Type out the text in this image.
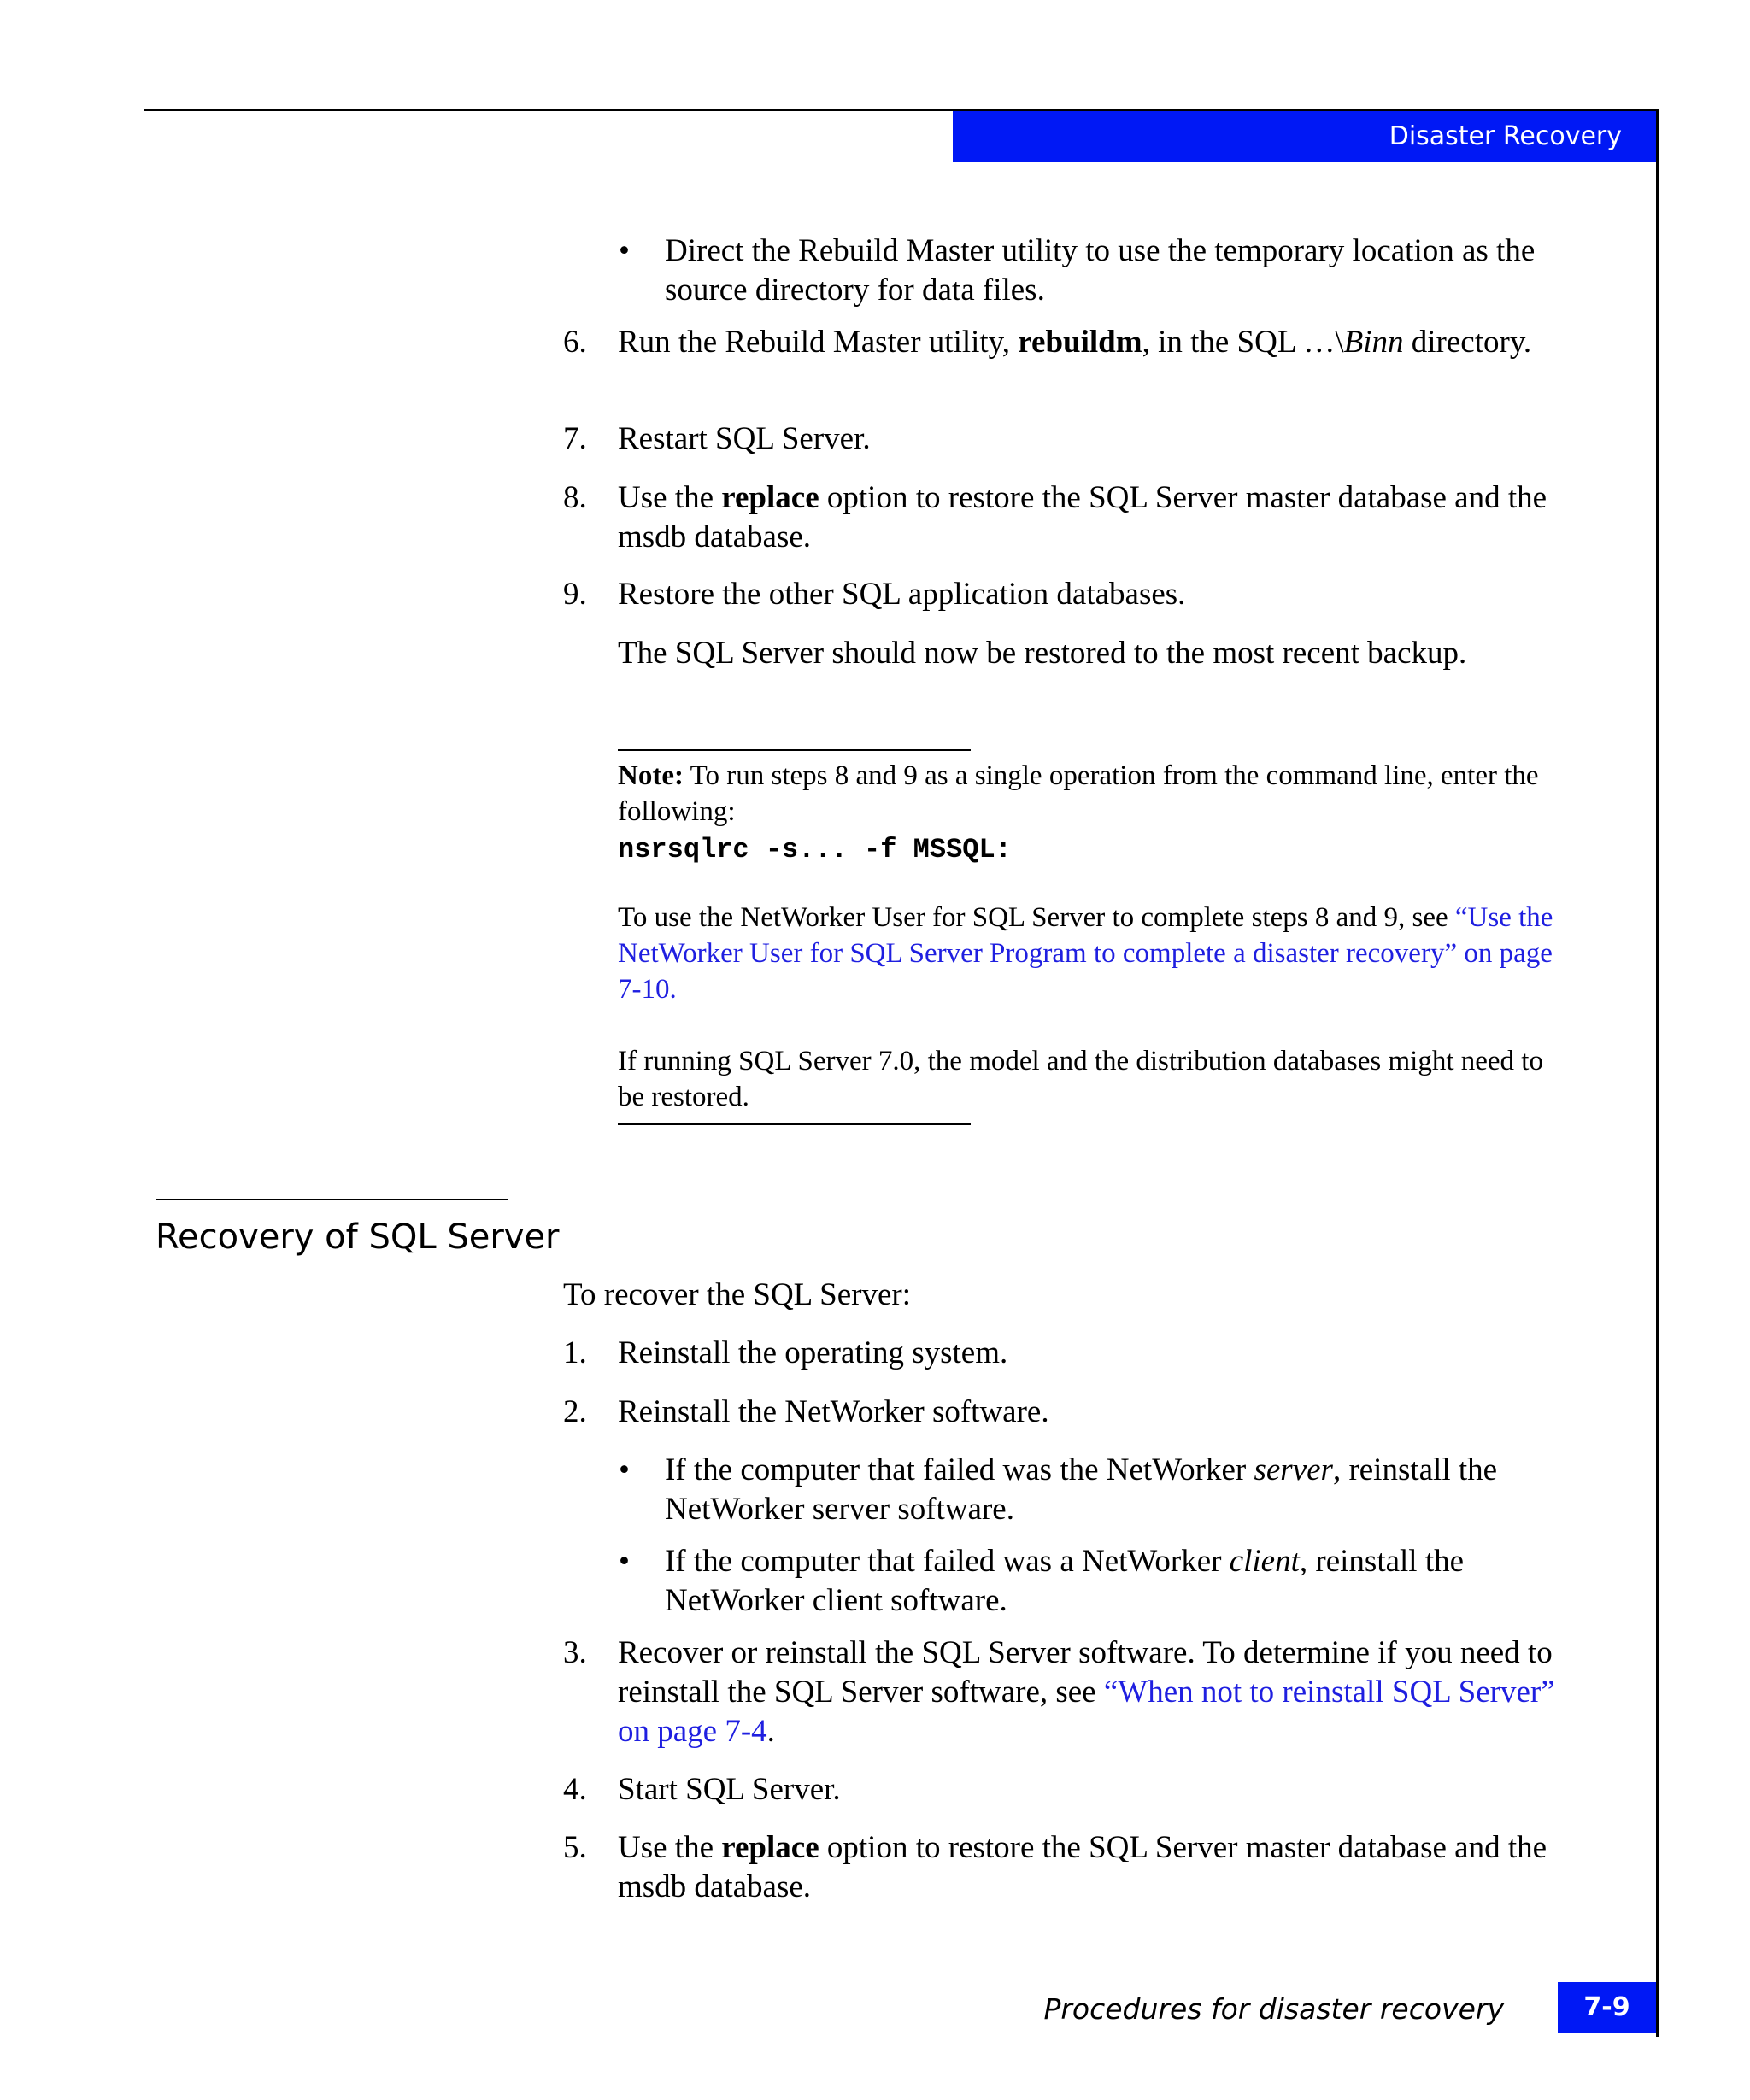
Disaster Recovery
• Direct the Rebuild Master utility to use the temporary location as the source directory for data files.
6. Run the Rebuild Master utility, rebuildm, in the SQL …\Binn directory.
7. Restart SQL Server.
8. Use the replace option to restore the SQL Server master database and the msdb database.
9. Restore the other SQL application databases.
The SQL Server should now be restored to the most recent backup.
Note: To run steps 8 and 9 as a single operation from the command line, enter the following:
nsrsqlrc -s... -f MSSQL:
To use the NetWorker User for SQL Server to complete steps 8 and 9, see “Use the NetWorker User for SQL Server Program to complete a disaster recovery” on page 7-10.
If running SQL Server 7.0, the model and the distribution databases might need to be restored.
Recovery of SQL Server
To recover the SQL Server:
1. Reinstall the operating system.
2. Reinstall the NetWorker software.
• If the computer that failed was the NetWorker server, reinstall the NetWorker server software.
• If the computer that failed was a NetWorker client, reinstall the NetWorker client software.
3. Recover or reinstall the SQL Server software. To determine if you need to reinstall the SQL Server software, see “When not to reinstall SQL Server” on page 7-4.
4. Start SQL Server.
5. Use the replace option to restore the SQL Server master database and the msdb database.
Procedures for disaster recovery	7-9
